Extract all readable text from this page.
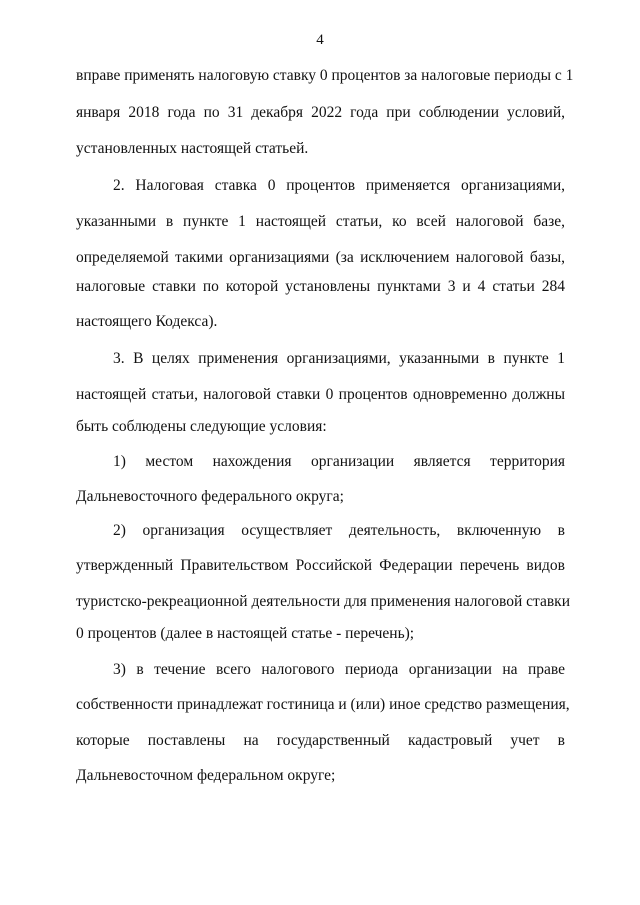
4
вправе применять налоговую ставку 0 процентов за налоговые периоды с 1
января 2018 года по 31 декабря 2022 года при соблюдении условий,
установленных настоящей статьей.
2. Налоговая ставка 0 процентов применяется организациями,
указанными в пункте 1 настоящей статьи, ко всей налоговой базе,
определяемой такими организациями (за исключением налоговой базы,
налоговые ставки по которой установлены пунктами 3 и 4 статьи 284
настоящего Кодекса).
3. В целях применения организациями, указанными в пункте 1
настоящей статьи, налоговой ставки 0 процентов одновременно должны
быть соблюдены следующие условия:
1) местом нахождения организации является территория
Дальневосточного федерального округа;
2) организация осуществляет деятельность, включенную в
утвержденный Правительством Российской Федерации перечень видов
туристско-рекреационной деятельности для применения налоговой ставки
0 процентов (далее в настоящей статье - перечень);
3) в течение всего налогового периода организации на праве
собственности принадлежат гостиница и (или) иное средство размещения,
которые поставлены на государственный кадастровый учет в
Дальневосточном федеральном округе;
